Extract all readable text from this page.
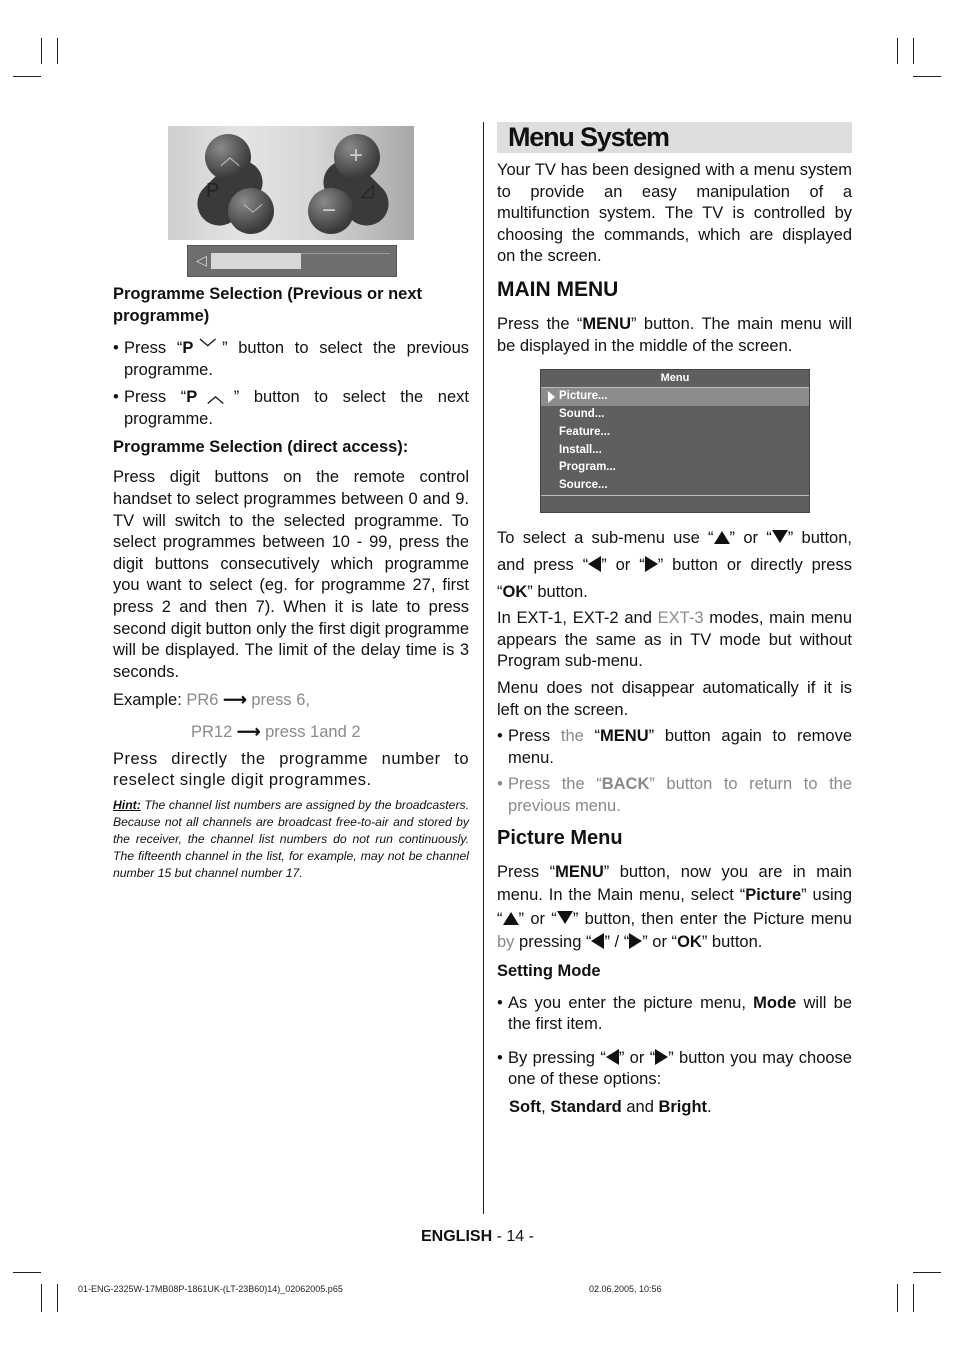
︿
﹀
P
+
−
◿
◁

Programme Selection (Previous or next programme)

• Press “P﹀” button to select the previous programme.

• Press “P︿” button to select the next programme.

Programme Selection (direct access):

Press digit buttons on the remote control handset to select programmes between 0 and 9. TV will switch to the selected programme. To select programmes between 10 - 99, press the digit buttons consecutively which programme you want to select (eg. for programme 27, first press 2 and then 7). When it is late to press second digit button only the first digit programme will be displayed. The limit of the delay time is 3 seconds.

Example: PR6 ⟶ press 6,

PR12 ⟶ press 1and 2

Press directly the programme number to reselect single digit programmes.

Hint: The channel list numbers are assigned by the broadcasters. Because not all channels are broadcast free-to-air and stored by the receiver, the channel list numbers do not run continuously. The fifteenth channel in the list, for example, may not be channel number 15 but channel number 17.

Menu System

Your TV has been designed with a menu system to provide an easy manipulation of a multifunction system. The TV is controlled by choosing the commands, which are displayed on the screen.

MAIN MENU

Press the “MENU” button. The main menu will be displayed in the middle of the screen.

Menu
Picture...
Sound...
Feature...
Install...
Program...
Source...

To select a sub-menu use “ ” or “ ” button, and press “ ” or “ ” button or directly press “OK” button.

In EXT-1, EXT-2 and EXT-3 modes, main menu appears the same as in TV mode but without Program sub-menu.

Menu does not disappear automatically if it is left on the screen.

• Press the “MENU” button again to remove menu.

• Press the “BACK” button to return to the previous menu.

Picture Menu

Press “MENU” button, now you are in main menu. In the Main menu, select “Picture” using “ ” or “ ” button, then enter the Picture menu by pressing “ ” / “ ” or “OK” button.

Setting Mode

• As you enter the picture menu, Mode will be the first item.

• By pressing “ ” or “ ” button you may choose one of these options:

Soft, Standard and Bright.

ENGLISH - 14 -
01-ENG-2325W-17MB08P-1861UK-(LT-23B60)14)_02062005.p65	02.06.2005, 10:56
